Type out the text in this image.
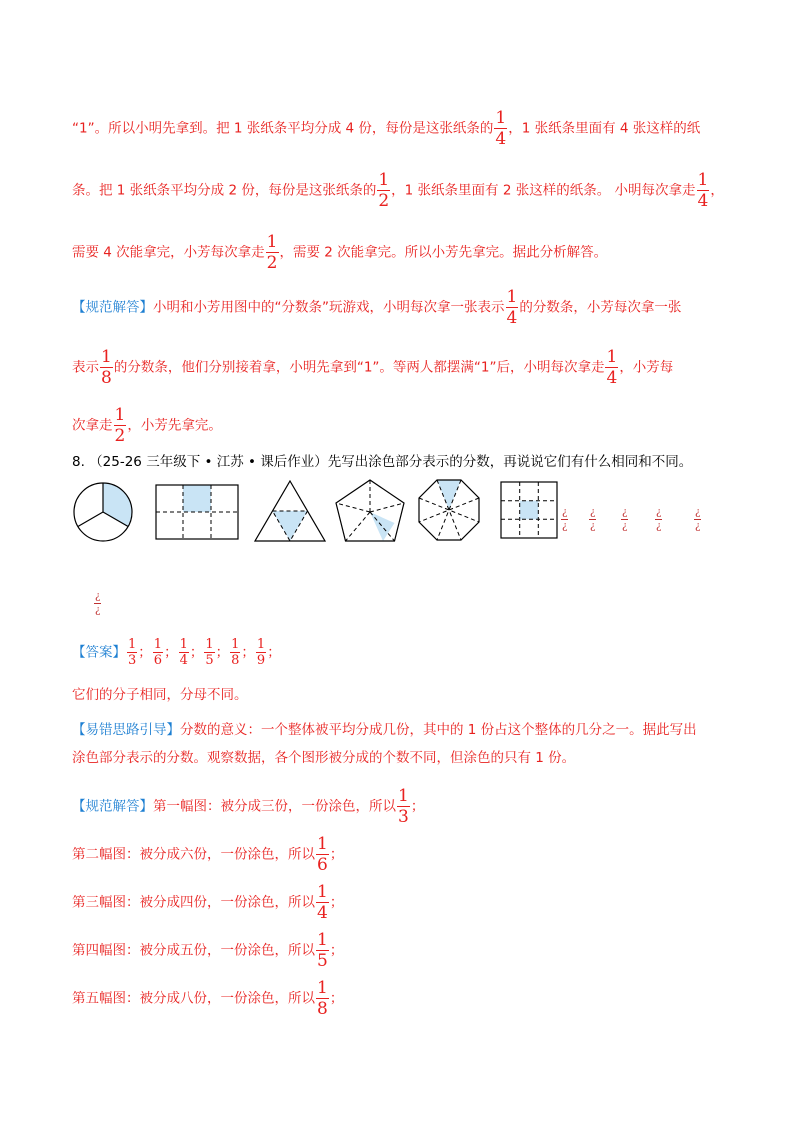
“1”。所以小明先拿到。把 1 张纸条平均分成 4 份，每份是这张纸条的 $\frac{1}{4}$ ，1 张纸条里面有 4 张这样的纸
条。把 1 张纸条平均分成 2 份，每份是这张纸条的 $\frac{1}{2}$ ，1 张纸条里面有 2 张这样的纸条。 小明每次拿走 $\frac{1}{4}$ ，
需要 4 次能拿完，小芳每次拿走 $\frac{1}{2}$ ，需要 2 次能拿完。所以小芳先拿完。据此分析解答。
【规范解答】小明和小芳用图中的“分数条”玩游戏，小明每次拿一张表示 $\frac{1}{4}$ 的分数条，小芳每次拿一张
表示 $\frac{1}{8}$ 的分数条，他们分别接着拿，小明先拿到“1”。等两人都摆满“1”后，小明每次拿走 $\frac{1}{4}$ ，小芳每
次拿走 $\frac{1}{2}$ ，小芳先拿完。
8. （25-26 三年级下 • 江苏 • 课后作业）先写出涂色部分表示的分数，再说说它们有什么相同和不同。
¿
¿
¿
¿
¿
¿
¿
¿
¿
¿
¿
¿
【答案】 $\frac{1}{3}$ ； $\frac{1}{6}$ ； $\frac{1}{4}$ ； $\frac{1}{5}$ ； $\frac{1}{8}$ ； $\frac{1}{9}$ ；
它们的分子相同，分母不同。
【易错思路引导】分数的意义：一个整体被平均分成几份，其中的 1 份占这个整体的几分之一。据此写出
涂色部分表示的分数。观察数据，各个图形被分成的个数不同，但涂色的只有 1 份。
【规范解答】第一幅图：被分成三份，一份涂色，所以 $\frac{1}{3}$ ；
第二幅图：被分成六份，一份涂色，所以 $\frac{1}{6}$ ；
第三幅图：被分成四份，一份涂色，所以 $\frac{1}{4}$ ；
第四幅图：被分成五份，一份涂色，所以 $\frac{1}{5}$ ；
第五幅图：被分成八份，一份涂色，所以 $\frac{1}{8}$ ；
